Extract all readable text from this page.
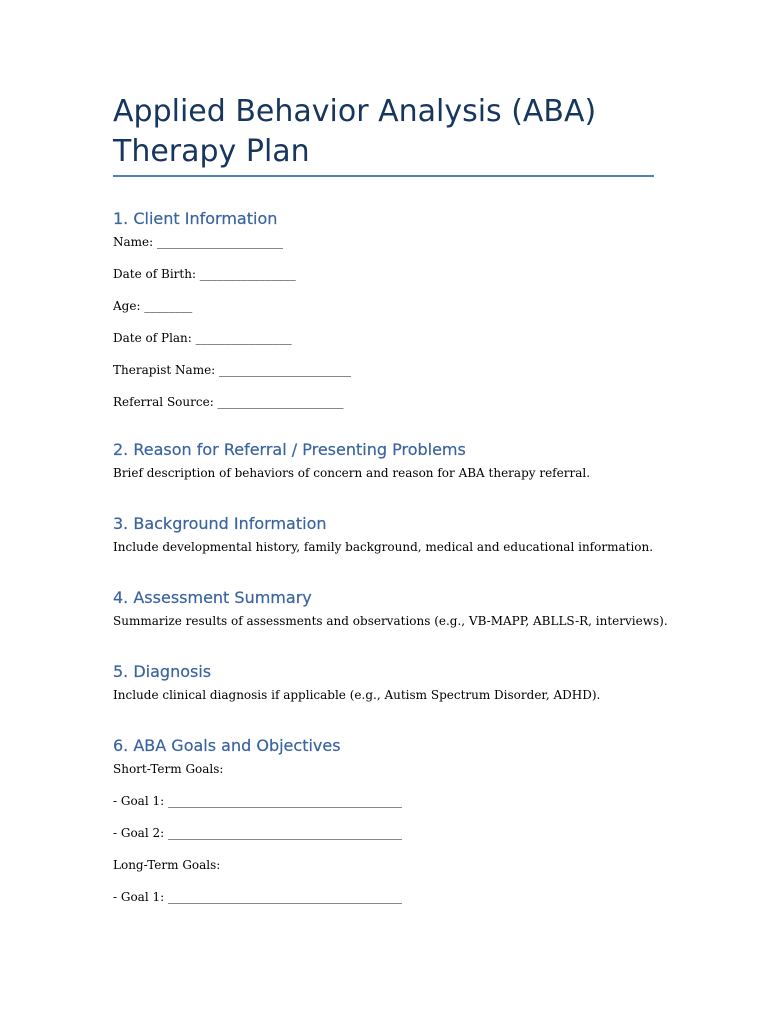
Applied Behavior Analysis (ABA)
Therapy Plan
1. Client Information

Name: _____________________

Date of Birth: ________________

Age: ________

Date of Plan: ________________

Therapist Name: ______________________

Referral Source: _____________________

2. Reason for Referral / Presenting Problems

Brief description of behaviors of concern and reason for ABA therapy referral.

3. Background Information

Include developmental history, family background, medical and educational information.

4. Assessment Summary

Summarize results of assessments and observations (e.g., VB-MAPP, ABLLS-R, interviews).

5. Diagnosis

Include clinical diagnosis if applicable (e.g., Autism Spectrum Disorder, ADHD).

6. ABA Goals and Objectives

Short-Term Goals:

- Goal 1: _______________________________________

- Goal 2: _______________________________________

Long-Term Goals:

- Goal 1: _______________________________________
